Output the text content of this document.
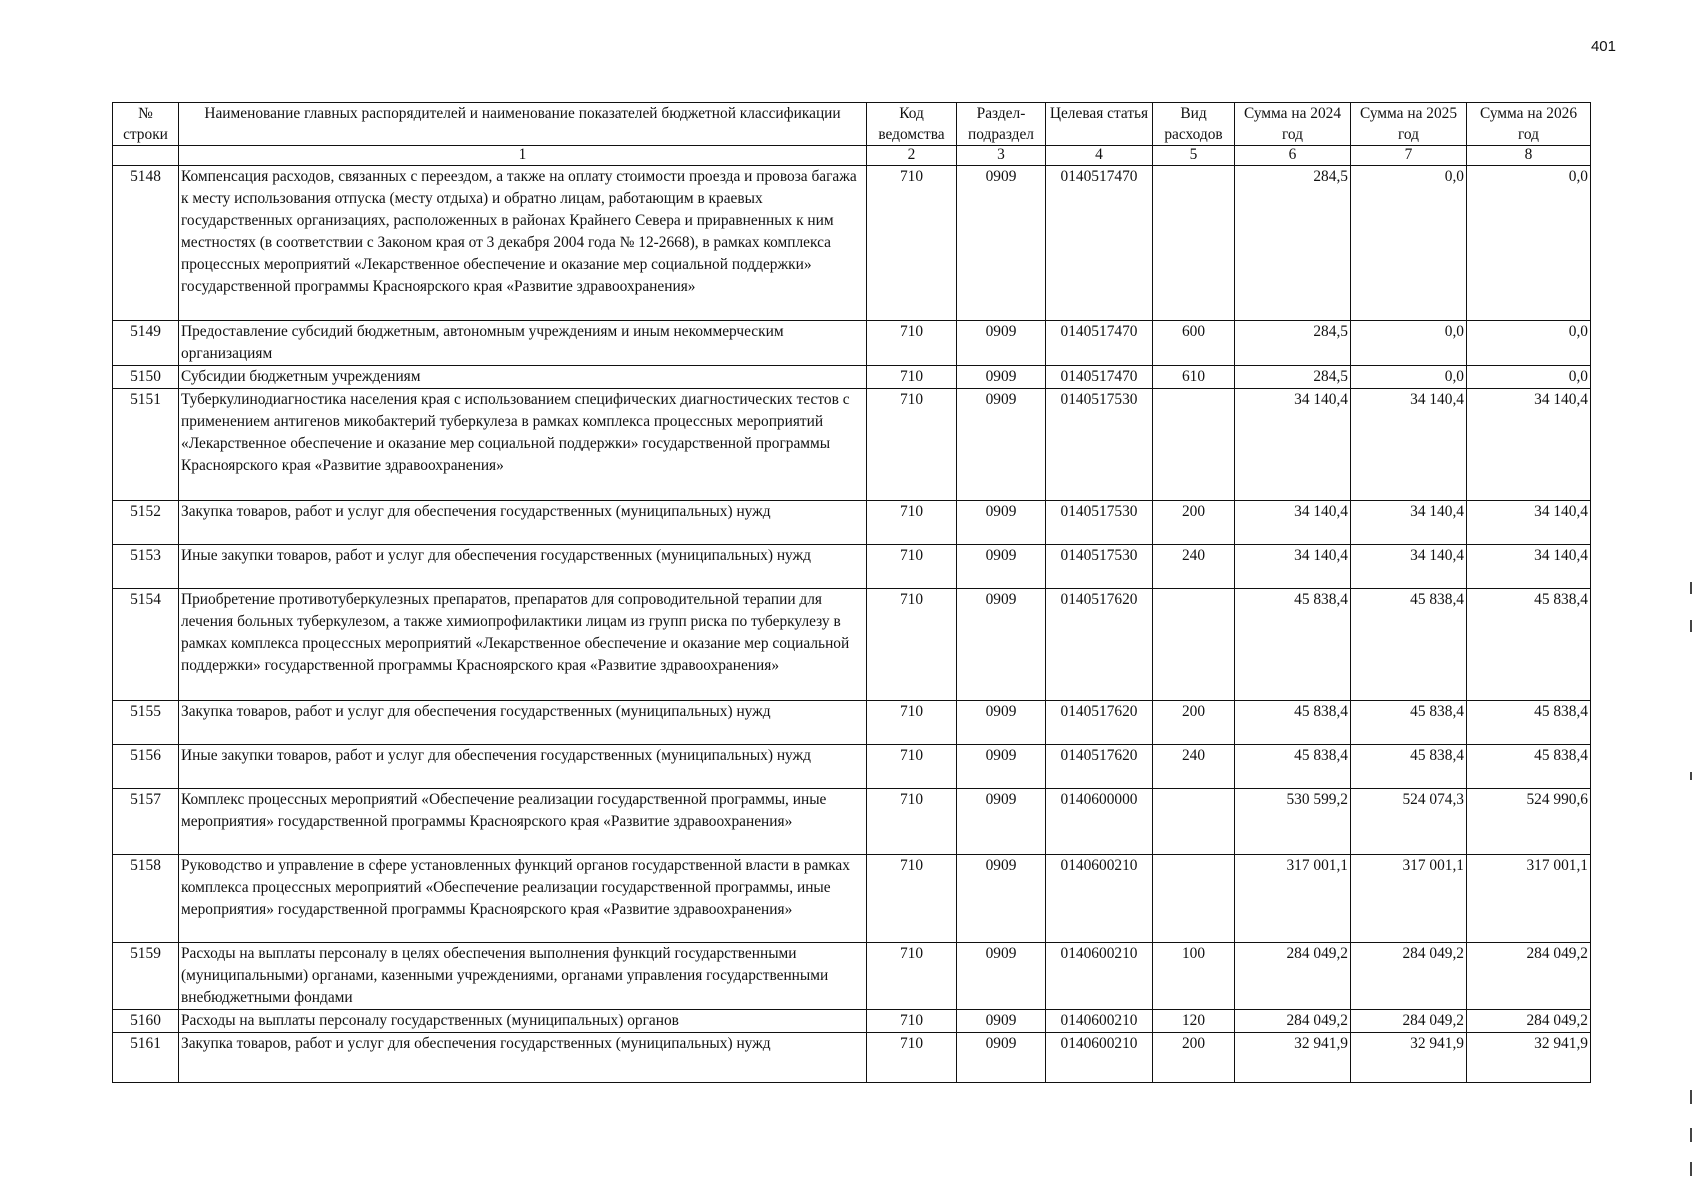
401
№ строки	Наименование главных распорядителей и наименование показателей бюджетной классификации	Код ведомства	Раздел-подраздел	Целевая статья	Вид расходов	Сумма на 2024 год	Сумма на 2025 год	Сумма на 2026 год
	1	2	3	4	5	6	7	8
5148	Компенсация расходов, связанных с переездом, а также на оплату стоимости проезда и провоза багажа к месту использования отпуска (месту отдыха) и обратно лицам, работающим в краевых государственных организациях, расположенных в районах Крайнего Севера и приравненных к ним местностях (в соответствии с Законом края от 3 декабря 2004 года № 12-2668), в рамках комплекса процессных мероприятий «Лекарственное обеспечение и оказание мер социальной поддержки» государственной программы Красноярского края «Развитие здравоохранения»	710	0909	0140517470		284,5	0,0	0,0
5149	Предоставление субсидий бюджетным, автономным учреждениям и иным некоммерческим организациям	710	0909	0140517470	600	284,5	0,0	0,0
5150	Субсидии бюджетным учреждениям	710	0909	0140517470	610	284,5	0,0	0,0
5151	Туберкулинодиагностика населения края с использованием специфических диагностических тестов с применением антигенов микобактерий туберкулеза в рамках комплекса процессных мероприятий «Лекарственное обеспечение и оказание мер социальной поддержки» государственной программы Красноярского края «Развитие здравоохранения»	710	0909	0140517530		34 140,4	34 140,4	34 140,4
5152	Закупка товаров, работ и услуг для обеспечения государственных (муниципальных) нужд	710	0909	0140517530	200	34 140,4	34 140,4	34 140,4
5153	Иные закупки товаров, работ и услуг для обеспечения государственных (муниципальных) нужд	710	0909	0140517530	240	34 140,4	34 140,4	34 140,4
5154	Приобретение противотуберкулезных препаратов, препаратов для сопроводительной терапии для лечения больных туберкулезом, а также химиопрофилактики лицам из групп риска по туберкулезу в рамках комплекса процессных мероприятий «Лекарственное обеспечение и оказание мер социальной поддержки» государственной программы Красноярского края «Развитие здравоохранения»	710	0909	0140517620		45 838,4	45 838,4	45 838,4
5155	Закупка товаров, работ и услуг для обеспечения государственных (муниципальных) нужд	710	0909	0140517620	200	45 838,4	45 838,4	45 838,4
5156	Иные закупки товаров, работ и услуг для обеспечения государственных (муниципальных) нужд	710	0909	0140517620	240	45 838,4	45 838,4	45 838,4
5157	Комплекс процессных мероприятий «Обеспечение реализации государственной программы, иные мероприятия» государственной программы Красноярского края «Развитие здравоохранения»	710	0909	0140600000		530 599,2	524 074,3	524 990,6
5158	Руководство и управление в сфере установленных функций органов государственной власти в рамках комплекса процессных мероприятий «Обеспечение реализации государственной программы, иные мероприятия» государственной программы Красноярского края «Развитие здравоохранения»	710	0909	0140600210		317 001,1	317 001,1	317 001,1
5159	Расходы на выплаты персоналу в целях обеспечения выполнения функций государственными (муниципальными) органами, казенными учреждениями, органами управления государственными внебюджетными фондами	710	0909	0140600210	100	284 049,2	284 049,2	284 049,2
5160	Расходы на выплаты персоналу государственных (муниципальных) органов	710	0909	0140600210	120	284 049,2	284 049,2	284 049,2
5161	Закупка товаров, работ и услуг для обеспечения государственных (муниципальных) нужд	710	0909	0140600210	200	32 941,9	32 941,9	32 941,9
